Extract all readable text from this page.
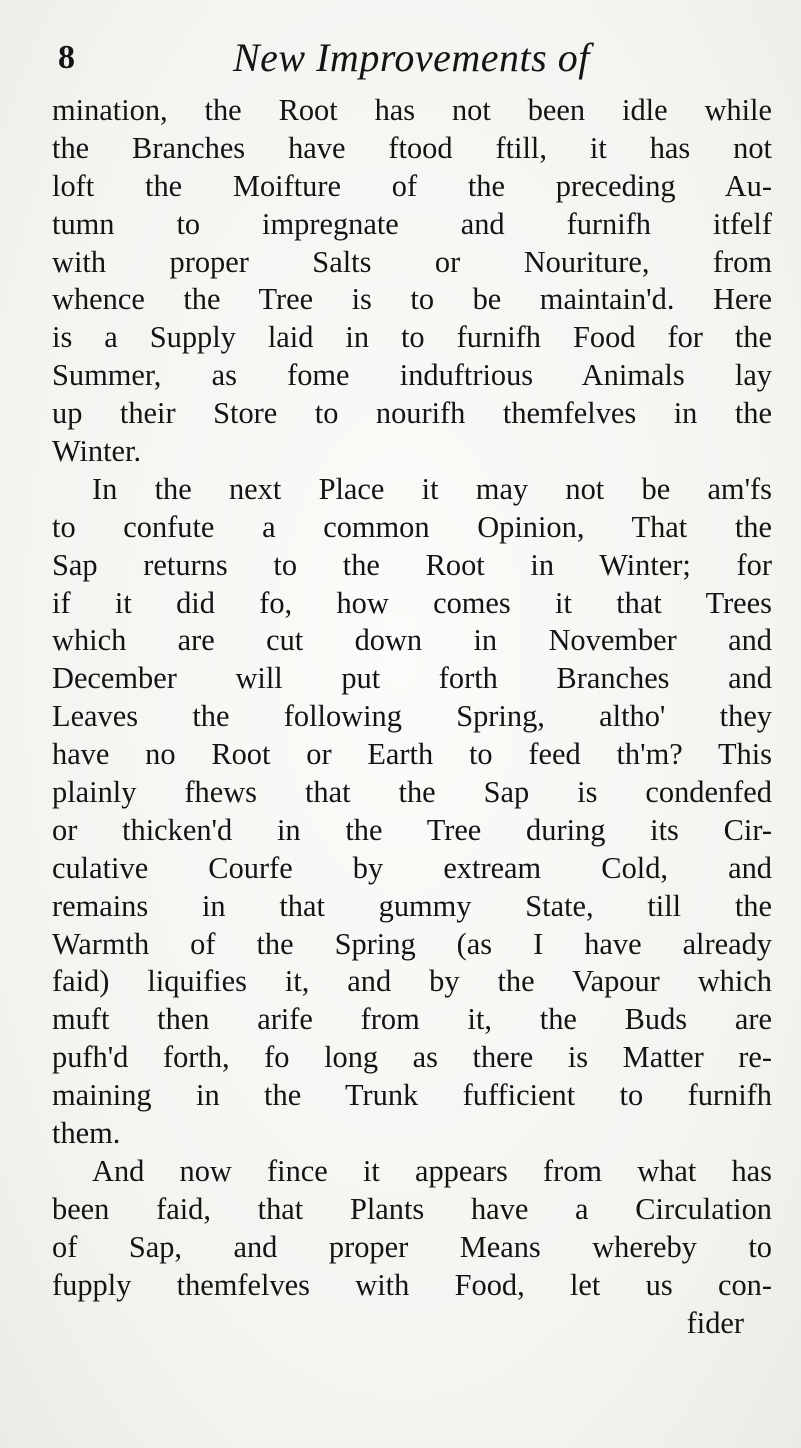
8	New Improvements of
mination, the Root has not been idle while
the Branches have ftood ftill, it has not
loft the Moifture of the preceding Au-
tumn to impregnate and furnifh itfelf
with proper Salts or Nouriture, from
whence the Tree is to be maintain'd. Here
is a Supply laid in to furnifh Food for the
Summer, as fome induftrious Animals lay
up their Store to nourifh themfelves in the
Winter.
In the next Place it may not be am'fs
to confute a common Opinion, That the
Sap returns to the Root in Winter; for
if it did fo, how comes it that Trees
which are cut down in November and
December will put forth Branches and
Leaves the following Spring, altho' they
have no Root or Earth to feed th'm? This
plainly fhews that the Sap is condenfed
or thicken'd in the Tree during its Cir-
culative Courfe by extream Cold, and
remains in that gummy State, till the
Warmth of the Spring (as I have already
faid) liquifies it, and by the Vapour which
muft then arife from it, the Buds are
pufh'd forth, fo long as there is Matter re-
maining in the Trunk fufficient to furnifh
them.
And now fince it appears from what has
been faid, that Plants have a Circulation
of Sap, and proper Means whereby to
fupply themfelves with Food, let us con-
fider
